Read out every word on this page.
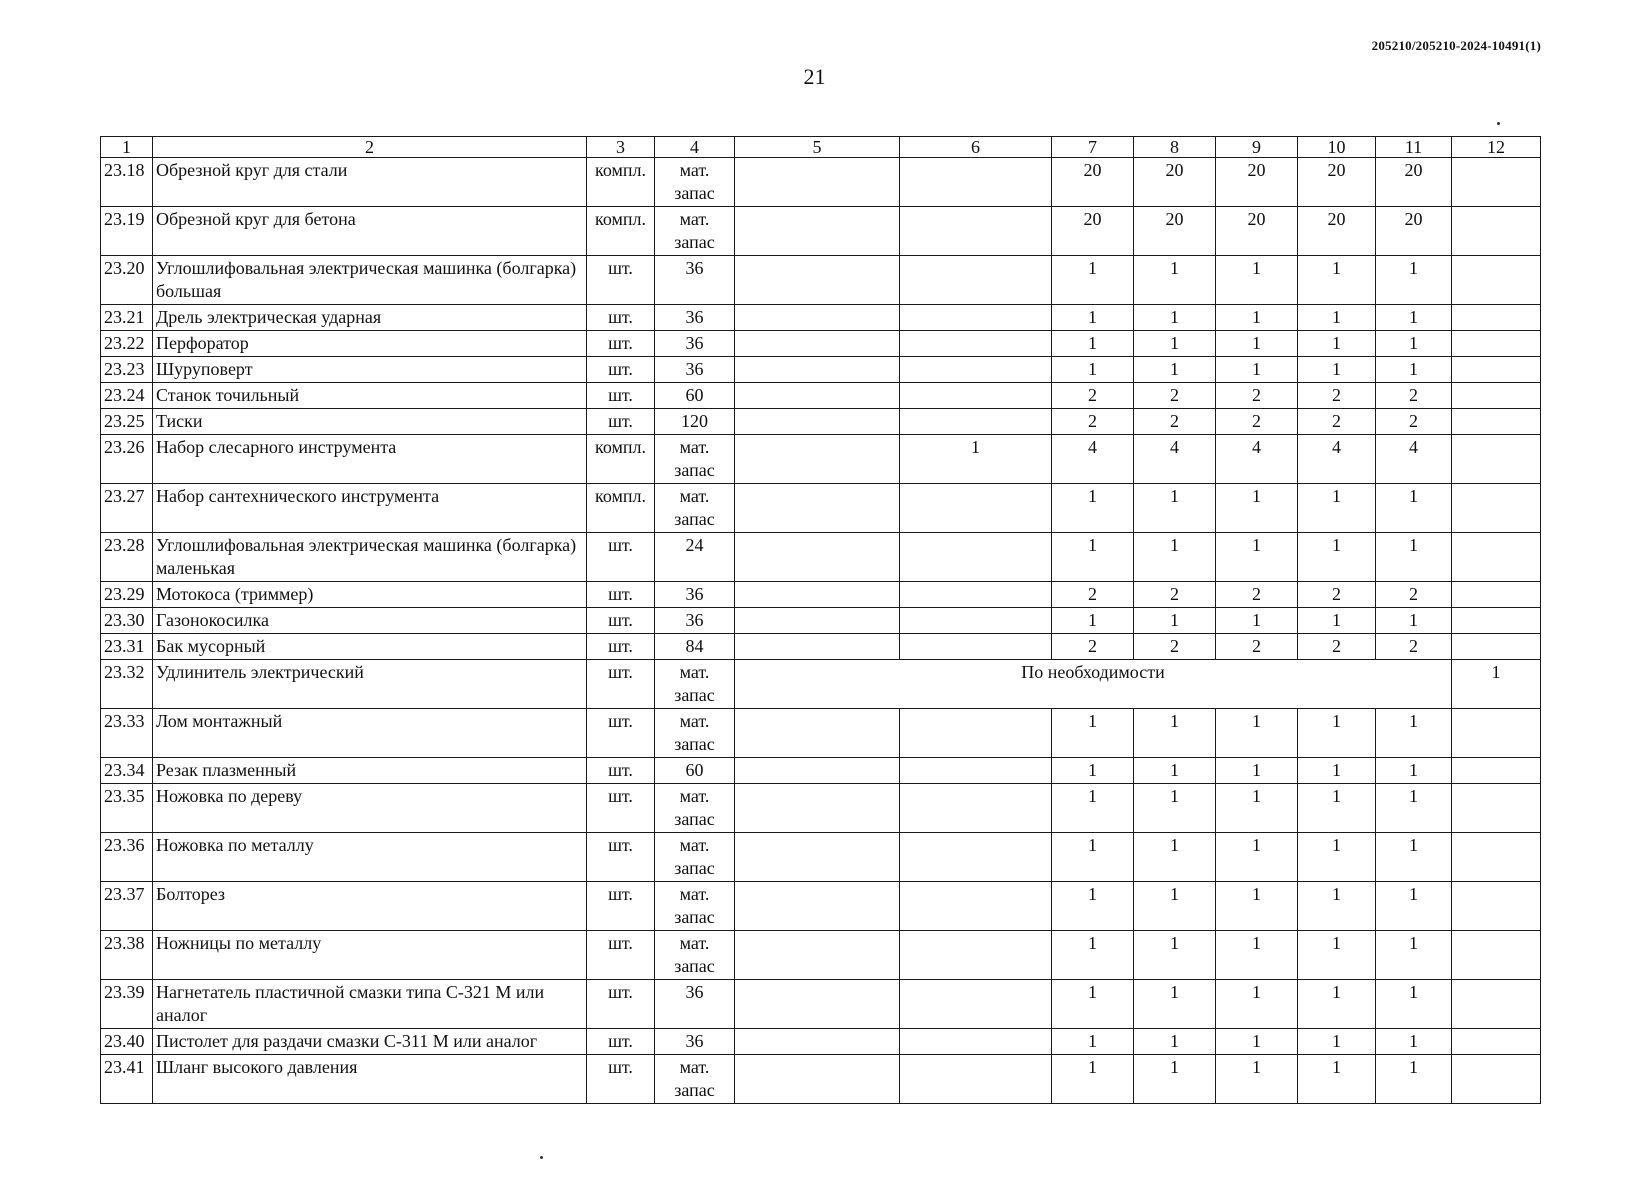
205210/205210-2024-10491(1)
21
1	2	3	4	5	6	7	8	9	10	11	12
23.18	Обрезной круг для стали	компл.	мат.
запас			20	20	20	20	20	
23.19	Обрезной круг для бетона	компл.	мат.
запас			20	20	20	20	20	
23.20	Углошлифовальная электрическая машинка (болгарка) большая	шт.	36			1	1	1	1	1	
23.21	Дрель электрическая ударная	шт.	36			1	1	1	1	1	
23.22	Перфоратор	шт.	36			1	1	1	1	1	
23.23	Шуруповерт	шт.	36			1	1	1	1	1	
23.24	Станок точильный	шт.	60			2	2	2	2	2	
23.25	Тиски	шт.	120			2	2	2	2	2	
23.26	Набор слесарного инструмента	компл.	мат.
запас		1	4	4	4	4	4	
23.27	Набор сантехнического инструмента	компл.	мат.
запас			1	1	1	1	1	
23.28	Углошлифовальная электрическая машинка (болгарка) маленькая	шт.	24			1	1	1	1	1	
23.29	Мотокоса (триммер)	шт.	36			2	2	2	2	2	
23.30	Газонокосилка	шт.	36			1	1	1	1	1	
23.31	Бак мусорный	шт.	84			2	2	2	2	2	
23.32	Удлинитель электрический	шт.	мат.
запас	По необходимости							1
23.33	Лом монтажный	шт.	мат.
запас			1	1	1	1	1	
23.34	Резак плазменный	шт.	60			1	1	1	1	1	
23.35	Ножовка по дереву	шт.	мат.
запас			1	1	1	1	1	
23.36	Ножовка по металлу	шт.	мат.
запас			1	1	1	1	1	
23.37	Болторез	шт.	мат.
запас			1	1	1	1	1	
23.38	Ножницы по металлу	шт.	мат.
запас			1	1	1	1	1	
23.39	Нагнетатель пластичной смазки типа С-321 М или аналог	шт.	36			1	1	1	1	1	
23.40	Пистолет для раздачи смазки С-311 М или аналог	шт.	36			1	1	1	1	1	
23.41	Шланг высокого давления	шт.	мат.
запас			1	1	1	1	1	
